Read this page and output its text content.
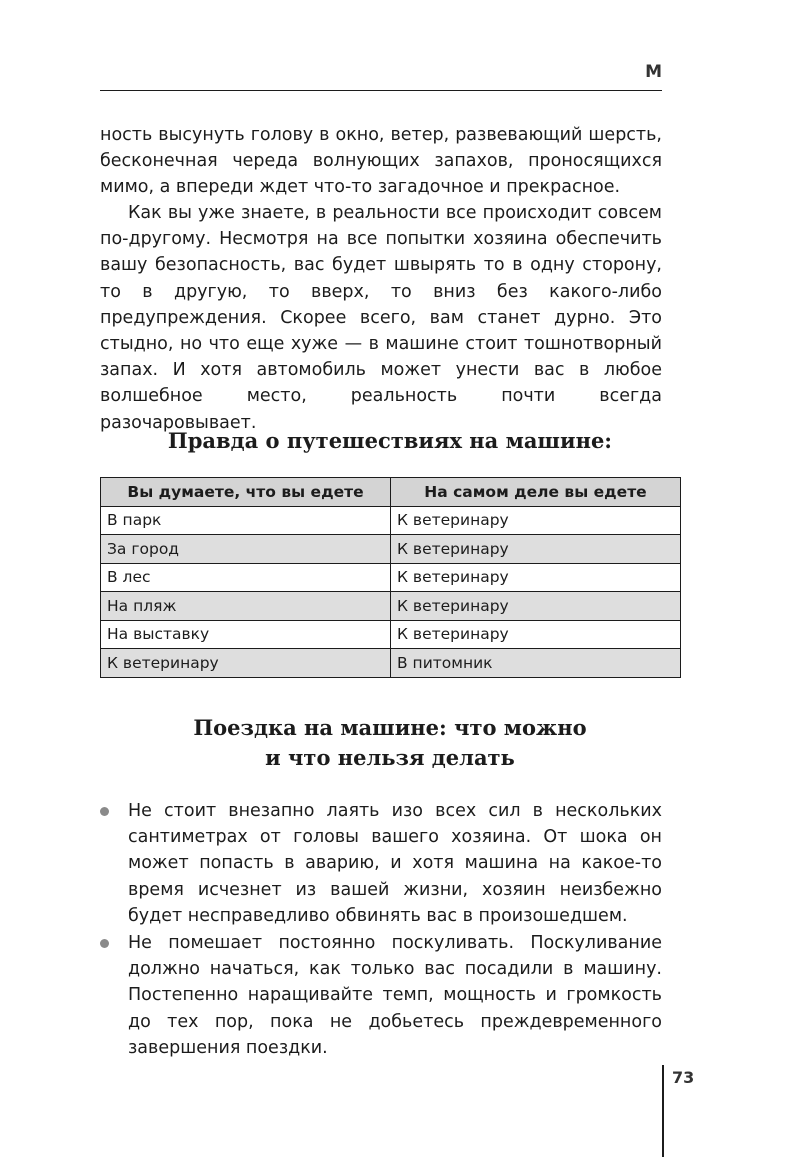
М

ность высунуть голову в окно, ветер, развевающий шерсть, бесконечная череда волнующих запахов, проносящихся мимо, а впереди ждет что-то загадочное и прекрасное.

Как вы уже знаете, в реальности все происходит совсем по-другому. Несмотря на все попытки хозяина обеспечить вашу безопасность, вас будет швырять то в одну сторону, то в другую, то вверх, то вниз без какого-либо предупреждения. Скорее всего, вам станет дурно. Это стыдно, но что еще хуже — в машине стоит тошнотворный запах. И хотя автомобиль может унести вас в любое волшебное место, реальность почти всегда разочаровывает.

Правда о путешествиях на машине:
Вы думаете, что вы едете	На самом деле вы едете
В парк	К ветеринару
За город	К ветеринару
В лес	К ветеринару
На пляж	К ветеринару
На выставку	К ветеринару
К ветеринару	В питомник
Поездка на машине: что можно
и что нельзя делать
Не стоит внезапно лаять изо всех сил в нескольких сантиметрах от головы вашего хозяина. От шока он может попасть в аварию, и хотя машина на какое-то время исчезнет из вашей жизни, хозяин неизбежно будет несправедливо обвинять вас в произошедшем.
Не помешает постоянно поскуливать. Поскуливание должно начаться, как только вас посадили в машину. Постепенно наращивайте темп, мощность и громкость до тех пор, пока не добьетесь преждевременного завершения поездки.
73
